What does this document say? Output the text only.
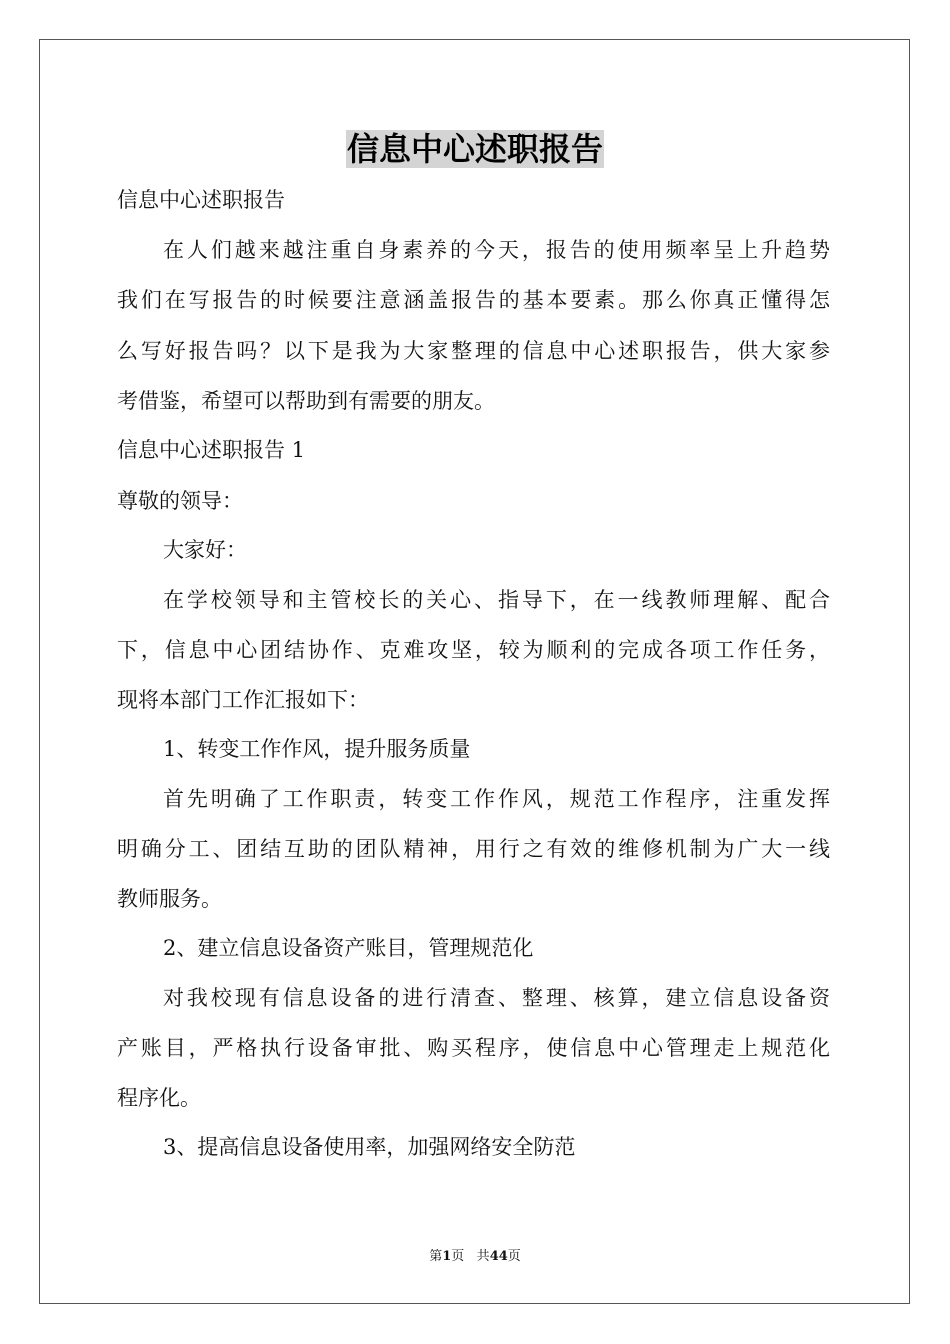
信息中心述职报告
信息中心述职报告
在人们越来越注重自身素养的今天，报告的使用频率呈上升趋势
我们在写报告的时候要注意涵盖报告的基本要素。那么你真正懂得怎
么写好报告吗？以下是我为大家整理的信息中心述职报告，供大家参
考借鉴，希望可以帮助到有需要的朋友。
信息中心述职报告 1
尊敬的领导：
大家好：
在学校领导和主管校长的关心、指导下，在一线教师理解、配合
下，信息中心团结协作、克难攻坚，较为顺利的完成各项工作任务，
现将本部门工作汇报如下：
1、转变工作作风，提升服务质量
首先明确了工作职责，转变工作作风，规范工作程序，注重发挥
明确分工、团结互助的团队精神，用行之有效的维修机制为广大一线
教师服务。
2、建立信息设备资产账目，管理规范化
对我校现有信息设备的进行清查、整理、核算，建立信息设备资
产账目，严格执行设备审批、购买程序，使信息中心管理走上规范化
程序化。
3、提高信息设备使用率，加强网络安全防范
第1页 共44页
